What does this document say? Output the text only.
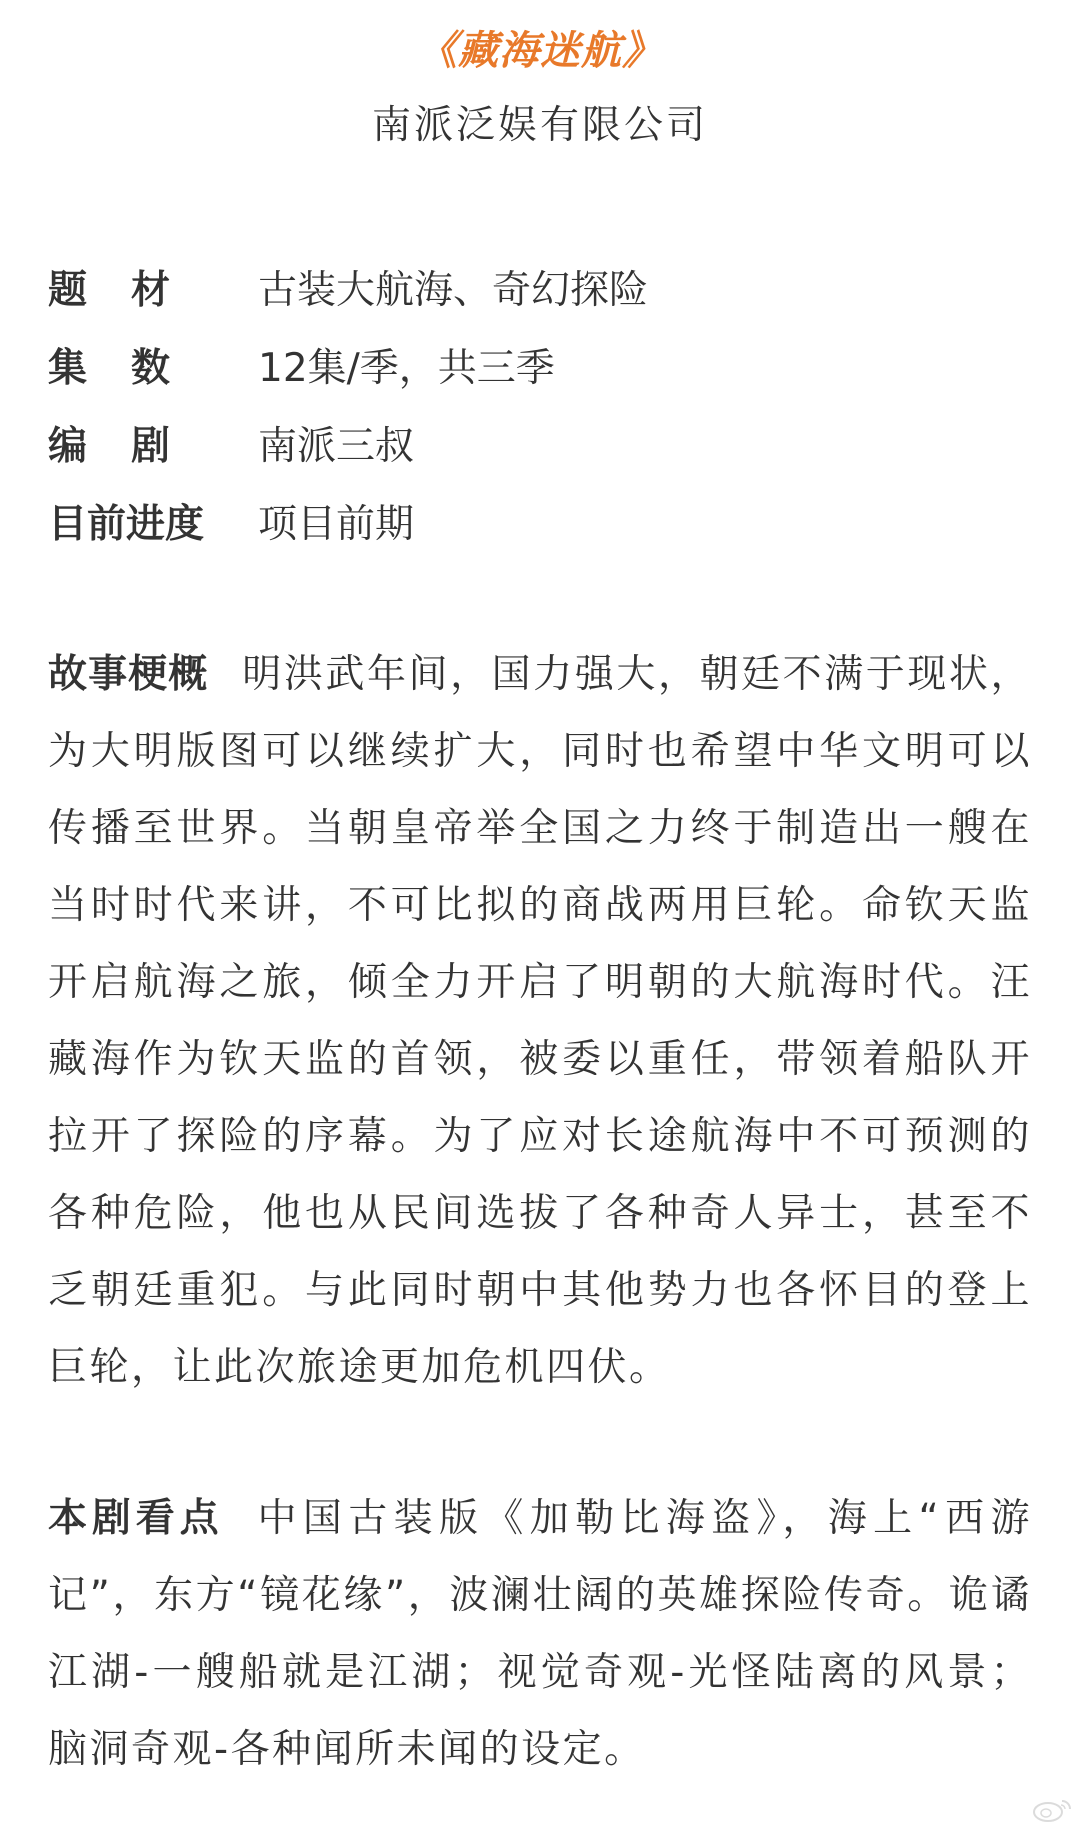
《藏海迷航》
南派泛娱有限公司
题材	古装大航海、奇幻探险
集数	12集/季，共三季
编剧	南派三叔
目前进度	项目前期
故事梗概 明洪武年间，国力强大，朝廷不满于现状，为大明版图可以继续扩大，同时也希望中华文明可以传播至世界。当朝皇帝举全国之力终于制造出一艘在当时时代来讲，不可比拟的商战两用巨轮。命钦天监开启航海之旅，倾全力开启了明朝的大航海时代。汪藏海作为钦天监的首领，被委以重任，带领着船队开拉开了探险的序幕。为了应对长途航海中不可预测的各种危险，他也从民间选拔了各种奇人异士，甚至不乏朝廷重犯。与此同时朝中其他势力也各怀目的登上巨轮，让此次旅途更加危机四伏。
本剧看点 中国古装版《加勒比海盗》，海上“西游记”，东方“镜花缘”，波澜壮阔的英雄探险传奇。诡谲江湖-一艘船就是江湖；视觉奇观-光怪陆离的风景；脑洞奇观-各种闻所未闻的设定。
